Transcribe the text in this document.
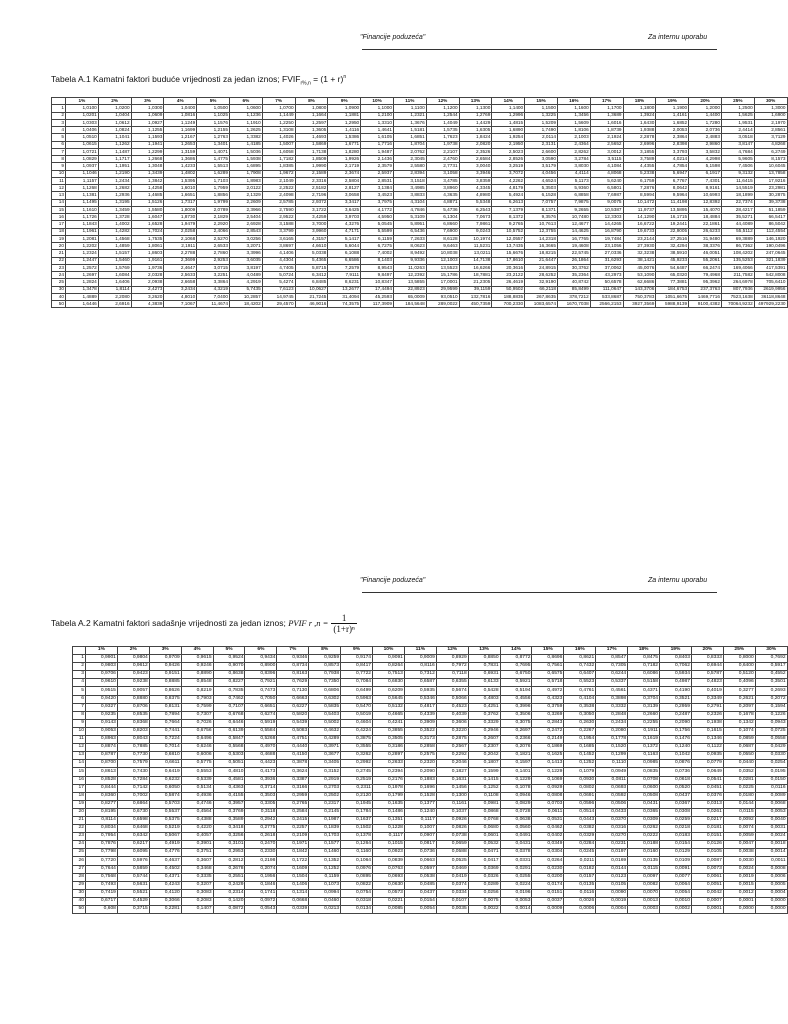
"Financije poduzeća"	Za internu uporabu
Tabela A.1 Kamatni faktori buduće vrijednosti za jedan iznos; $FVIF_{r\%,n} = (1 + r)^n$
	1%	2%	3%	4%	5%	6%	7%	8%	9%	10%	11%	12%	13%	14%	15%	16%	17%	18%	19%	20%	25%	30%
1	1,0100	1,0200	1,0300	1,0400	1,0500	1,0600	1,0700	1,0800	1,0900	1,1000	1,1100	1,1200	1,1300	1,1400	1,1500	1,1600	1,1700	1,1800	1,1900	1,2000	1,2500	1,3000
2	1,0201	1,0404	1,0609	1,0816	1,1025	1,1236	1,1449	1,1664	1,1881	1,2100	1,2321	1,2544	1,2769	1,2996	1,3225	1,3456	1,3689	1,3924	1,4161	1,4400	1,5625	1,6900
3	1,0303	1,0612	1,0927	1,1249	1,1576	1,1910	1,2250	1,2597	1,2950	1,3310	1,3676	1,4049	1,4429	1,4815	1,5209	1,5609	1,6016	1,6430	1,6852	1,7280	1,9531	2,1970
4	1,0406	1,0824	1,1255	1,1699	1,2155	1,2625	1,3108	1,3605	1,4116	1,4641	1,5181	1,5735	1,6305	1,6890	1,7490	1,8106	1,8739	1,9388	2,0053	2,0736	2,4414	2,8561
5	1,0510	1,1041	1,1593	1,2167	1,2763	1,3382	1,4026	1,4693	1,5386	1,6105	1,6851	1,7623	1,8424	1,9254	2,0114	2,1003	2,1924	2,2878	2,3864	2,4883	3,0518	3,7129
6	1,0615	1,1262	1,1941	1,2653	1,3401	1,4185	1,5007	1,5869	1,6771	1,7716	1,8704	1,9738	2,0820	2,1950	2,3131	2,4364	2,5652	2,6996	2,8398	2,9860	3,8147	4,8268
7	1,0721	1,1487	1,2299	1,3159	1,4071	1,5036	1,6058	1,7138	1,8280	1,9487	2,0762	2,2107	2,3526	2,5023	2,6600	2,8262	3,0012	3,1855	3,3793	3,5832	4,7684	6,2749
8	1,0829	1,1717	1,2668	1,3686	1,4775	1,5938	1,7182	1,8509	1,9926	2,1436	2,3045	2,4760	2,6584	2,8526	3,0590	3,2784	3,5115	3,7589	4,0214	4,2998	5,9605	8,1573
9	1,0937	1,1951	1,3048	1,4233	1,5513	1,6895	1,8385	1,9990	2,1719	2,3579	2,5580	2,7731	3,0040	3,2519	3,5179	3,8030	4,1084	4,4355	4,7854	5,1598	7,4506	10,6045
10	1,1046	1,2190	1,3439	1,4802	1,6289	1,7908	1,9672	2,1589	2,3674	2,5937	2,8394	3,1058	3,3946	3,7072	4,0456	4,4114	4,8068	5,2338	5,6947	6,1917	9,3132	13,7858
11	1,1157	1,2434	1,3842	1,5395	1,7103	1,8983	2,1049	2,3316	2,5804	2,8531	3,1518	3,4785	3,8359	4,2262	4,6524	5,1173	5,6240	6,1759	6,7767	7,4301	11,6415	17,9216
12	1,1268	1,2682	1,4258	1,6010	1,7959	2,0122	2,2522	2,5182	2,8127	3,1384	3,4985	3,8960	4,3345	4,8179	5,3503	5,9360	6,5801	7,2876	8,0642	8,9161	14,5519	23,2981
13	1,1381	1,2936	1,4685	1,6651	1,8856	2,1329	2,4098	2,7196	3,0658	3,4523	3,8833	4,3635	4,8980	5,4924	6,1528	6,8858	7,6987	8,5994	9,5964	10,6993	18,1899	30,2875
14	1,1495	1,3195	1,5126	1,7317	1,9799	2,2609	2,5785	2,9372	3,3417	3,7975	4,3104	4,8871	5,5348	6,2613	7,0757	7,9875	9,0075	10,1472	11,4198	12,8392	22,7374	39,3738
15	1,1610	1,3459	1,5580	1,8009	2,0789	2,3966	2,7590	3,1722	3,6425	4,1772	4,7846	5,4736	6,2543	7,1379	8,1371	9,2655	10,5387	11,9737	13,5895	15,4070	28,4217	51,1859
16	1,1726	1,3728	1,6047	1,8730	2,1829	2,5404	2,9522	3,4259	3,9703	4,5950	5,3109	6,1304	7,0673	8,1372	9,3576	10,7480	12,3303	14,1290	16,1715	18,4884	35,5271	66,5417
17	1,1843	1,4002	1,6528	1,9479	2,2920	2,6928	3,1588	3,7000	4,3276	5,0545	5,8951	6,8660	7,9861	9,2765	10,7613	12,4677	14,4265	16,6722	19,2441	22,1861	44,4089	86,5042
18	1,1961	1,4282	1,7024	2,0258	2,4066	2,8543	3,3799	3,9960	4,7171	5,5599	6,5436	7,6900	9,0243	10,5752	12,3755	14,4625	16,8790	19,6733	22,9005	26,6233	55,5112	112,4554
19	1,2081	1,4568	1,7535	2,1068	2,5270	3,0256	3,6165	4,3157	5,1417	6,1159	7,2633	8,6128	10,1974	12,0557	14,2318	16,7765	19,7484	23,2144	27,2516	31,9480	69,3889	146,1920
20	1,2202	1,4859	1,8061	2,1911	2,6533	3,2071	3,8697	4,6610	5,6044	6,7275	8,0623	9,6463	11,5231	13,7435	16,3665	19,4608	23,1056	27,3930	32,4294	38,3376	86,7362	190,0496
21	1,2324	1,5157	1,8603	2,2788	2,7860	3,3996	4,1406	5,0338	6,1088	7,4002	8,9492	10,8038	13,0211	15,6676	18,8215	22,5745	27,0336	32,3238	38,5910	46,0051	108,4202	247,0645
22	1,2447	1,5460	1,9161	2,3699	2,9253	3,6035	4,4304	5,4365	6,6586	8,1403	9,9336	12,1003	14,7138	17,8610	21,6447	26,1864	31,6293	38,1421	45,9233	55,2061	135,5253	321,1839
23	1,2572	1,5769	1,9736	2,4647	3,0715	3,8197	4,7405	5,8715	7,2579	8,9543	11,0263	13,5523	16,6266	20,3616	24,8915	30,3762	37,0062	45,0076	54,6487	66,2474	169,4066	417,5391
24	1,2697	1,6084	2,0328	2,5633	3,2251	4,0489	5,0724	6,3412	7,9111	9,8497	12,2392	15,1786	18,7881	23,2122	28,6252	35,2364	43,2973	53,1090	65,0320	79,4968	211,7582	542,8008
25	1,2824	1,6406	2,0938	2,6658	3,3864	4,2919	5,4274	6,8485	8,6231	10,8347	13,5855	17,0001	21,2305	26,4619	32,9190	40,8742	50,6578	62,6686	77,3881	95,3962	264,6978	705,6410
30	1,3478	1,8114	2,4273	3,2434	4,3219	5,7435	7,6123	10,0627	13,2677	17,4494	22,8923	29,9599	39,1159	50,9502	66,2118	85,8499	111,0647	143,3706	184,6753	237,3763	807,7936	2619,9956
40	1,4889	2,2080	3,2620	4,8010	7,0400	10,2857	14,9745	21,7245	31,4094	45,2593	65,0009	93,0510	132,7816	188,8835	267,8635	378,7212	533,8687	750,3783	1051,6675	1469,7716	7523,1638	36118,8648
50	1,6446	2,6916	4,3839	7,1067	11,4674	18,4202	29,4570	46,9016	74,3575	117,3909	184,5648	289,0022	450,7359	700,2330	1083,6574	1670,7038	2566,2153	3927,3569	5988,9139	9100,4382	70064,9232	497929,2230
"Financije poduzeća"	Za internu uporabu
Tabela A.2 Kamatni faktori sadašnje vrijednosti za jedan iznos; PVIF r $,n = \frac{1}{\text{(1+r)ⁿ}}$
	1%	2%	3%	4%	5%	6%	7%	8%	9%	10%	11%	12%	13%	14%	15%	16%	17%	18%	19%	20%	25%	30%
1	0,9901	0,9804	0,9709	0,9615	0,9524	0,9434	0,9346	0,9259	0,9174	0,9091	0,9009	0,8929	0,8850	0,8772	0,8696	0,8621	0,8547	0,8475	0,8403	0,8333	0,8000	0,7692
2	0,9803	0,9612	0,9426	0,9246	0,9070	0,8900	0,8734	0,8573	0,8417	0,8264	0,8116	0,7972	0,7831	0,7695	0,7561	0,7432	0,7305	0,7182	0,7062	0,6944	0,6400	0,5917
3	0,9706	0,9423	0,9151	0,8890	0,8638	0,8396	0,8163	0,7938	0,7722	0,7513	0,7312	0,7118	0,6931	0,6750	0,6575	0,6407	0,6244	0,6086	0,5934	0,5787	0,5120	0,4552
4	0,9610	0,9238	0,8885	0,8548	0,8227	0,7921	0,7629	0,7350	0,7084	0,6830	0,6587	0,6355	0,6133	0,5921	0,5718	0,5523	0,5337	0,5158	0,4987	0,4823	0,4096	0,3501
5	0,9515	0,9057	0,8626	0,8219	0,7835	0,7473	0,7130	0,6806	0,6499	0,6209	0,5935	0,5674	0,5428	0,5194	0,4972	0,4761	0,4561	0,4371	0,4190	0,4019	0,3277	0,2693
6	0,9420	0,8880	0,8375	0,7903	0,7462	0,7050	0,6663	0,6302	0,5963	0,5645	0,5346	0,5066	0,4803	0,4556	0,4323	0,4104	0,3898	0,3704	0,3521	0,3349	0,2621	0,2072
7	0,9327	0,8706	0,8131	0,7599	0,7107	0,6651	0,6227	0,5835	0,5470	0,5132	0,4817	0,4523	0,4251	0,3996	0,3759	0,3538	0,3332	0,3139	0,2959	0,2791	0,2097	0,1594
8	0,9235	0,8535	0,7894	0,7307	0,6768	0,6274	0,5820	0,5403	0,5019	0,4665	0,4339	0,4039	0,3762	0,3506	0,3269	0,3050	0,2848	0,2660	0,2487	0,2326	0,1678	0,1226
9	0,9143	0,8368	0,7664	0,7026	0,6446	0,5919	0,5439	0,5002	0,4604	0,4241	0,3909	0,3606	0,3329	0,3075	0,2843	0,2630	0,2434	0,2255	0,2090	0,1938	0,1342	0,0943
10	0,9053	0,8203	0,7441	0,6756	0,6139	0,5584	0,5083	0,4632	0,4224	0,3855	0,3522	0,3220	0,2946	0,2697	0,2472	0,2267	0,2080	0,1911	0,1756	0,1615	0,1074	0,0725
11	0,8963	0,8043	0,7224	0,6496	0,5847	0,5268	0,4751	0,4289	0,3875	0,3505	0,3173	0,2875	0,2607	0,2366	0,2149	0,1954	0,1778	0,1619	0,1476	0,1346	0,0859	0,0558
12	0,8874	0,7885	0,7014	0,6246	0,5568	0,4970	0,4440	0,3971	0,3555	0,3186	0,2858	0,2567	0,2307	0,2076	0,1869	0,1685	0,1520	0,1372	0,1240	0,1122	0,0687	0,0429
13	0,8787	0,7730	0,6810	0,6006	0,5303	0,4688	0,4150	0,3677	0,3262	0,2897	0,2575	0,2292	0,2042	0,1821	0,1625	0,1452	0,1299	0,1163	0,1042	0,0935	0,0550	0,0330
14	0,8700	0,7579	0,6611	0,5775	0,5051	0,4423	0,3878	0,3405	0,2992	0,2633	0,2320	0,2046	0,1807	0,1597	0,1413	0,1252	0,1110	0,0985	0,0876	0,0779	0,0440	0,0254
15	0,8613	0,7430	0,6419	0,5553	0,4810	0,4173	0,3624	0,3152	0,2745	0,2394	0,2090	0,1827	0,1599	0,1401	0,1229	0,1079	0,0949	0,0835	0,0736	0,0649	0,0352	0,0195
16	0,8528	0,7284	0,6232	0,5339	0,4581	0,3936	0,3387	0,2919	0,2519	0,2176	0,1883	0,1631	0,1415	0,1229	0,1069	0,0930	0,0811	0,0708	0,0618	0,0541	0,0281	0,0150
17	0,8444	0,7142	0,6050	0,5134	0,4363	0,3714	0,3166	0,2703	0,2311	0,1978	0,1696	0,1456	0,1252	0,1078	0,0929	0,0802	0,0693	0,0600	0,0520	0,0451	0,0225	0,0116
18	0,8360	0,7002	0,5874	0,4936	0,4155	0,3503	0,2959	0,2502	0,2120	0,1799	0,1528	0,1300	0,1108	0,0946	0,0808	0,0691	0,0592	0,0508	0,0437	0,0376	0,0180	0,0089
19	0,8277	0,6864	0,5703	0,4746	0,3957	0,3305	0,2765	0,2317	0,1945	0,1635	0,1377	0,1161	0,0981	0,0829	0,0703	0,0596	0,0506	0,0431	0,0367	0,0313	0,0144	0,0068
20	0,8195	0,6730	0,5537	0,4564	0,3769	0,3118	0,2584	0,2145	0,1784	0,1486	0,1240	0,1037	0,0868	0,0728	0,0611	0,0514	0,0433	0,0365	0,0308	0,0261	0,0115	0,0053
21	0,8114	0,6598	0,5375	0,4388	0,3589	0,2942	0,2415	0,1987	0,1637	0,1351	0,1117	0,0926	0,0768	0,0638	0,0531	0,0443	0,0370	0,0309	0,0259	0,0217	0,0092	0,0040
22	0,8034	0,6468	0,5219	0,4220	0,3418	0,2775	0,2257	0,1839	0,1502	0,1228	0,1007	0,0826	0,0680	0,0560	0,0462	0,0382	0,0316	0,0262	0,0218	0,0181	0,0074	0,0031
23	0,7954	0,6342	0,5067	0,4057	0,3256	0,2618	0,2109	0,1703	0,1378	0,1117	0,0907	0,0738	0,0601	0,0491	0,0402	0,0329	0,0270	0,0222	0,0183	0,0151	0,0059	0,0024
24	0,7876	0,6217	0,4919	0,3901	0,3101	0,2470	0,1971	0,1577	0,1264	0,1015	0,0817	0,0659	0,0532	0,0431	0,0349	0,0284	0,0231	0,0188	0,0154	0,0126	0,0047	0,0018
25	0,7798	0,6095	0,4776	0,3751	0,2953	0,2330	0,1842	0,1460	0,1160	0,0923	0,0736	0,0588	0,0471	0,0378	0,0304	0,0245	0,0197	0,0160	0,0129	0,0105	0,0038	0,0014
26	0,7720	0,5976	0,4637	0,3607	0,2812	0,2198	0,1722	0,1352	0,1064	0,0839	0,0663	0,0525	0,0417	0,0331	0,0264	0,0211	0,0169	0,0135	0,0109	0,0087	0,0030	0,0011
27	0,7644	0,5859	0,4502	0,3468	0,2678	0,2074	0,1609	0,1252	0,0976	0,0763	0,0597	0,0469	0,0369	0,0291	0,0230	0,0182	0,0144	0,0115	0,0091	0,0073	0,0024	0,0008
28	0,7568	0,5744	0,4371	0,3335	0,2551	0,1956	0,1504	0,1159	0,0895	0,0693	0,0538	0,0419	0,0326	0,0255	0,0200	0,0157	0,0123	0,0097	0,0077	0,0061	0,0019	0,0006
29	0,7493	0,5631	0,4243	0,3207	0,2429	0,1846	0,1406	0,1073	0,0822	0,0630	0,0485	0,0374	0,0289	0,0224	0,0174	0,0135	0,0105	0,0082	0,0064	0,0051	0,0015	0,0005
30	0,7419	0,5521	0,4120	0,3083	0,2314	0,1741	0,1314	0,0994	0,0754	0,0573	0,0437	0,0334	0,0256	0,0196	0,0151	0,0116	0,0090	0,0070	0,0054	0,0042	0,0012	0,0004
40	0,6717	0,4529	0,3066	0,2083	0,1420	0,0972	0,0668	0,0460	0,0318	0,0221	0,0154	0,0107	0,0075	0,0053	0,0037	0,0026	0,0019	0,0013	0,0010	0,0007	0,0001	0,0000
50	0,608	0,3715	0,2281	0,1407	0,0872	0,0543	0,0339	0,0213	0,0134	0,0085	0,0054	0,0035	0,0022	0,0014	0,0009	0,0006	0,0004	0,0003	0,0002	0,0001	0,0000	0,0000
